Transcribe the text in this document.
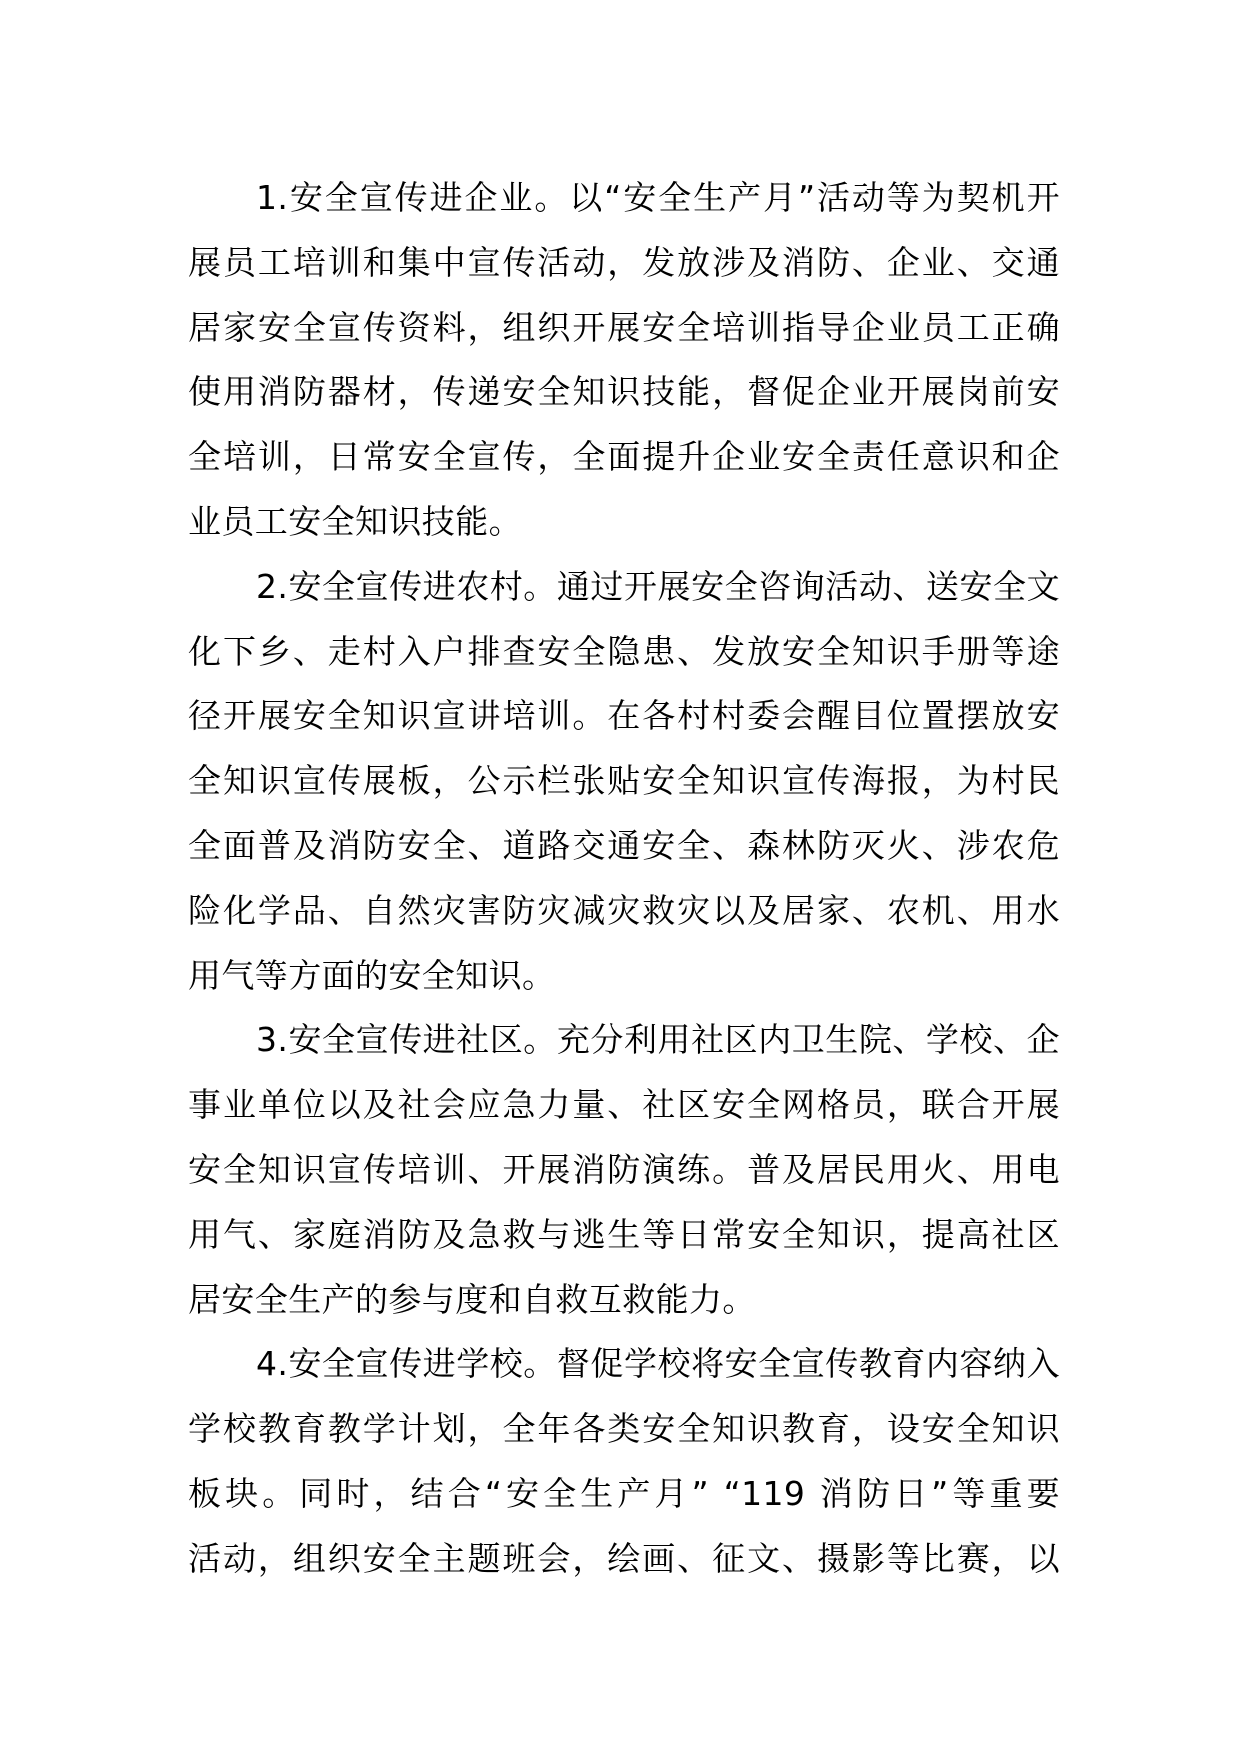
1.安全宣传进企业。以“安全生产月”活动等为契机开
展员工培训和集中宣传活动，发放涉及消防、企业、交通
居家安全宣传资料，组织开展安全培训指导企业员工正确
使用消防器材，传递安全知识技能，督促企业开展岗前安
全培训，日常安全宣传，全面提升企业安全责任意识和企
业员工安全知识技能。

2.安全宣传进农村。通过开展安全咨询活动、送安全文
化下乡、走村入户排查安全隐患、发放安全知识手册等途
径开展安全知识宣讲培训。在各村村委会醒目位置摆放安
全知识宣传展板，公示栏张贴安全知识宣传海报，为村民
全面普及消防安全、道路交通安全、森林防灭火、涉农危
险化学品、自然灾害防灾减灾救灾以及居家、农机、用水
用气等方面的安全知识。

3.安全宣传进社区。充分利用社区内卫生院、学校、企
事业单位以及社会应急力量、社区安全网格员，联合开展
安全知识宣传培训、开展消防演练。普及居民用火、用电
用气、家庭消防及急救与逃生等日常安全知识，提高社区
居安全生产的参与度和自救互救能力。

4.安全宣传进学校。督促学校将安全宣传教育内容纳入
学校教育教学计划，全年各类安全知识教育，设安全知识
板块。同时，结合“安全生产月” “119 消防日”等重要
活动，组织安全主题班会，绘画、征文、摄影等比赛，以
